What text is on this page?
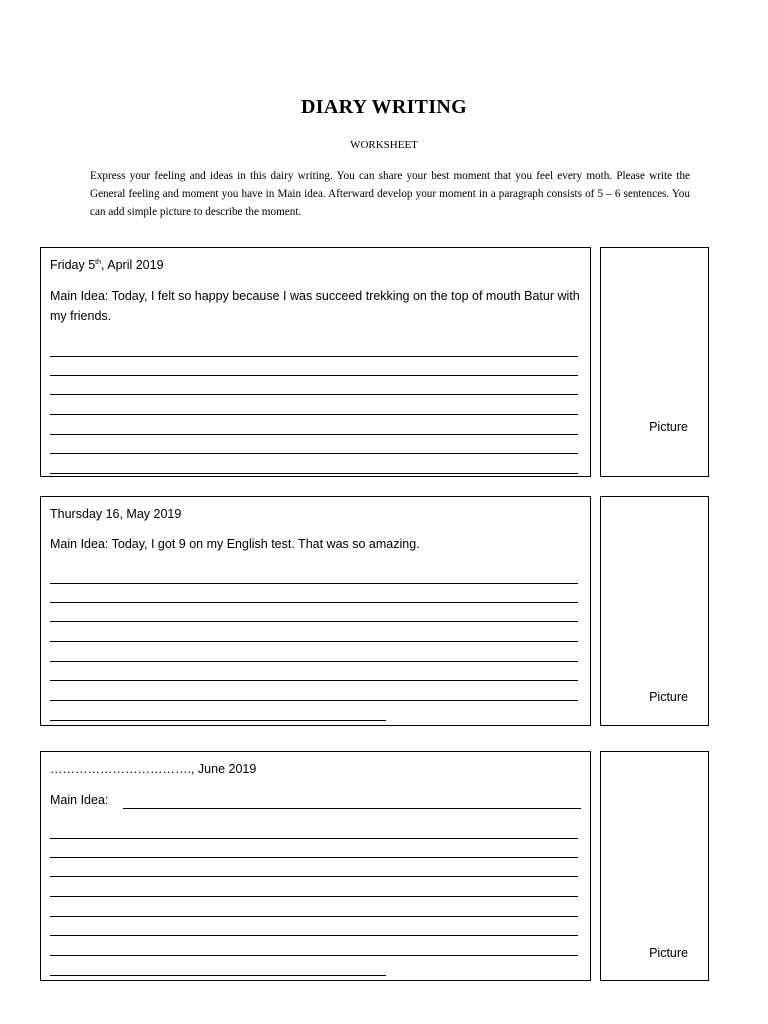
DIARY WRITING
WORKSHEET
Express your feeling and ideas in this dairy writing. You can share your best moment that you feel every moth. Please write the General feeling and moment you have in Main idea. Afterward develop your moment in a paragraph consists of 5 – 6 sentences. You can add simple picture to describe the moment.
Friday 5th, April 2019
Main Idea: Today, I felt so happy because I was succeed trekking on the top of mouth Batur with my friends.
Picture
Thursday 16, May 2019
Main Idea: Today, I got 9 on my English test. That was so amazing.
Picture
……………………………., June 2019
Main Idea:
Picture
